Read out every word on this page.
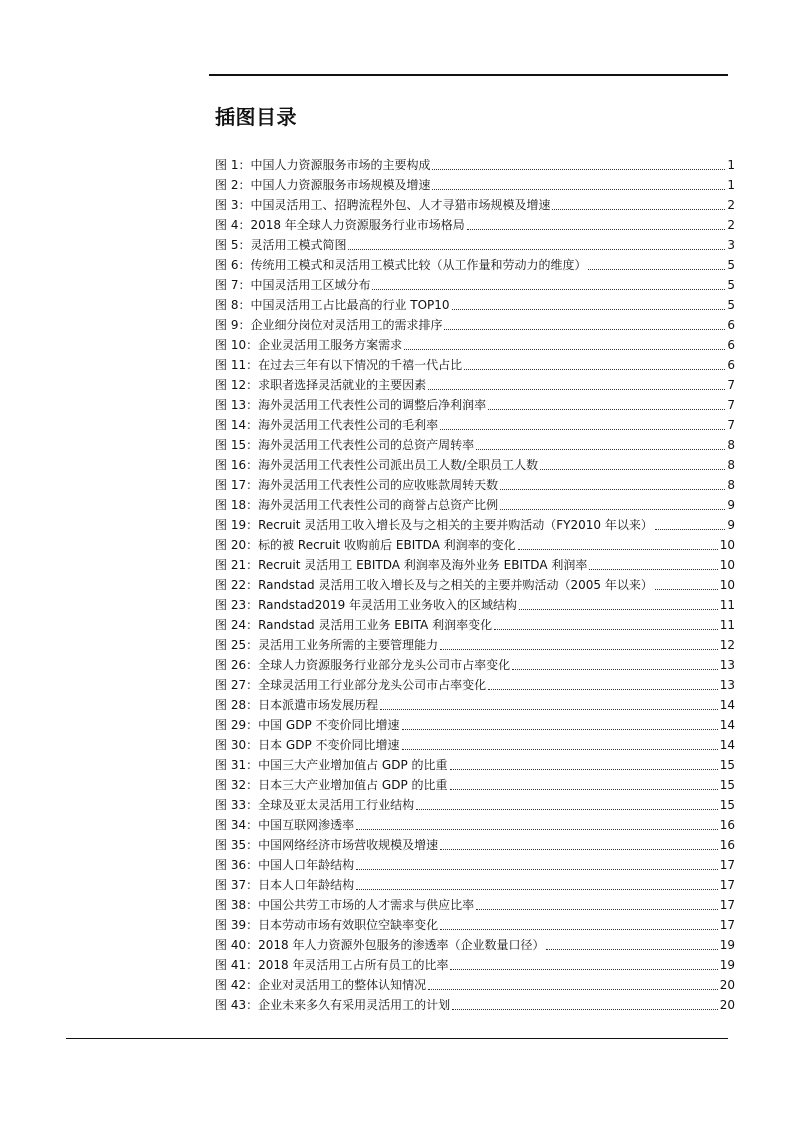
插图目录
图 1：中国人力资源服务市场的主要构成	1
图 2：中国人力资源服务市场规模及增速	1
图 3：中国灵活用工、招聘流程外包、人才寻猎市场规模及增速	2
图 4：2018 年全球人力资源服务行业市场格局	2
图 5：灵活用工模式简图	3
图 6：传统用工模式和灵活用工模式比较（从工作量和劳动力的维度）	5
图 7：中国灵活用工区域分布	5
图 8：中国灵活用工占比最高的行业 TOP10	5
图 9：企业细分岗位对灵活用工的需求排序	6
图 10：企业灵活用工服务方案需求	6
图 11：在过去三年有以下情况的千禧一代占比	6
图 12：求职者选择灵活就业的主要因素	7
图 13：海外灵活用工代表性公司的调整后净利润率	7
图 14：海外灵活用工代表性公司的毛利率	7
图 15：海外灵活用工代表性公司的总资产周转率	8
图 16：海外灵活用工代表性公司派出员工人数/全职员工人数	8
图 17：海外灵活用工代表性公司的应收账款周转天数	8
图 18：海外灵活用工代表性公司的商誉占总资产比例	9
图 19：Recruit 灵活用工收入增长及与之相关的主要并购活动（FY2010 年以来）	9
图 20：标的被 Recruit 收购前后 EBITDA 利润率的变化	10
图 21：Recruit 灵活用工 EBITDA 利润率及海外业务 EBITDA 利润率	10
图 22：Randstad 灵活用工收入增长及与之相关的主要并购活动（2005 年以来）	10
图 23：Randstad2019 年灵活用工业务收入的区域结构	11
图 24：Randstad 灵活用工业务 EBITA 利润率变化	11
图 25：灵活用工业务所需的主要管理能力	12
图 26：全球人力资源服务行业部分龙头公司市占率变化	13
图 27：全球灵活用工行业部分龙头公司市占率变化	13
图 28：日本派遣市场发展历程	14
图 29：中国 GDP 不变价同比增速	14
图 30：日本 GDP 不变价同比增速	14
图 31：中国三大产业增加值占 GDP 的比重	15
图 32：日本三大产业增加值占 GDP 的比重	15
图 33：全球及亚太灵活用工行业结构	15
图 34：中国互联网渗透率	16
图 35：中国网络经济市场营收规模及增速	16
图 36：中国人口年龄结构	17
图 37：日本人口年龄结构	17
图 38：中国公共劳工市场的人才需求与供应比率	17
图 39：日本劳动市场有效职位空缺率变化	17
图 40：2018 年人力资源外包服务的渗透率（企业数量口径）	19
图 41：2018 年灵活用工占所有员工的比率	19
图 42：企业对灵活用工的整体认知情况	20
图 43：企业未来多久有采用灵活用工的计划	20
